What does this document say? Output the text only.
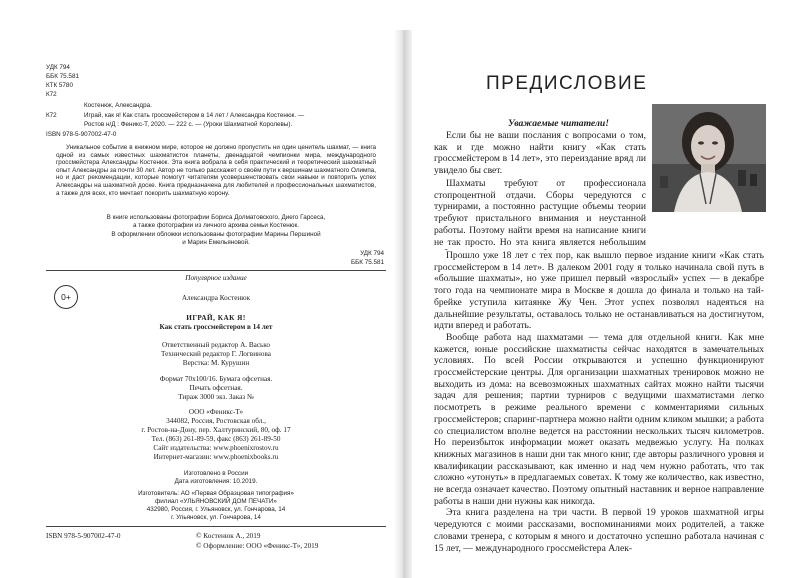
УДК 794
ББК 75.581
КТК 5780
К72
Костенюк, Александра.
К72	Играй, как я! Как стать гроссмейстером в 14 лет / Александра Костенюк. —
Ростов н/Д : Феникс-Т, 2020. — 222 с. — (Уроки Шахматной Королевы).
ISBN 978-5-907002-47-0
Уникальное событие в книжном мире, которое не должно пропустить ни один ценитель шахмат, — книга одной из самых известных шахматисток планеты, двенадцатой чемпионки мира, международного гроссмейстера Александры Костенюк. Эта книга вобрала в себя практический и теоретический шахматный опыт Александры за почти 30 лет. Автор не только расскажет о своём пути к вершинам шахматного Олимпа, но и даст рекомендации, которые помогут читателям усовершенствовать свои навыки и повторить успех Александры на шахматной доске. Книга предназначена для любителей и профессиональных шахматистов, а также для всех, кто мечтает покорить шахматную корону.
В книге использованы фотографии Бориса Долматовского, Диего Гарсеса,
а также фотографии из личного архива семьи Костенюк.
В оформлении обложки использованы фотографии Марины Першиной
и Марин Емельяновой.
УДК 794
ББК 75.581
Популярное издание
0+	Александра Костенюк
ИГРАЙ, КАК Я!
Как стать гроссмейстером в 14 лет
Ответственный редактор А. Васько
Технический редактор Г. Логвинова
Верстка: М. Курушин
Формат 70x100/16. Бумага офсетная.
Печать офсетная.
Тираж 3000 экз. Заказ №
ООО «Феникс-Т»
344082, Россия, Ростовская обл.,
г. Ростов-на-Дону, пер. Халтуринский, 80, оф. 17
Тел. (863) 261-89-59, факс (863) 261-89-50
Сайт издательства: www.phoenixrostov.ru
Интернет-магазин: www.phoenixbooks.ru
Изготовлено в России
Дата изготовления: 10.2019.
Изготовитель: АО «Первая Образцовая типография»
филиал «УЛЬЯНОВСКИЙ ДОМ ПЕЧАТИ»
432980, Россия, г. Ульяновск, ул. Гончарова, 14
г. Ульяновск, ул. Гончарова, 14
ISBN 978-5-907002-47-0	© Костенюк А., 2019
© Оформление: ООО «Феникс-Т», 2019
ПРЕДИСЛОВИЕ
Уважаемые читатели!

Если бы не ваши послания с вопросами о том, как и где можно найти книгу «Как стать гроссмейстером в 14 лет», это переиздание вряд ли увидело бы свет.

Шахматы требуют от профессионала стопроцентной отдачи. Сборы чередуются с турнирами, а постоянно растущие объемы теории требуют пристального внимания и неустанной работы. Поэтому найти время на написание книги не так просто. Но эта книга является небольшим

Прошло уже 18 лет с тех пор, как вышло первое издание книги «Как стать гроссмейстером в 14 лет». В далеком 2001 году я только начинала свой путь в «большие шахматы», но уже пришел первый «взрослый» успех — в декабре того года на чемпионате мира в Москве я дошла до финала и только на тай-брейке уступила китаянке Жу Чен. Этот успех позволял надеяться на дальнейшие результаты, оставалось только не останавливаться на достигнутом, идти вперед и работать.

Вообще работа над шахматами — тема для отдельной книги. Как мне кажется, юные российские шахматисты сейчас находятся в замечательных условиях. По всей России открываются и успешно функционируют гроссмейстерские центры. Для организации шахматных тренировок можно не выходить из дома: на всевозможных шахматных сайтах можно найти тысячи задач для решения; партии турниров с ведущими шахматистами легко посмотреть в режиме реального времени с комментариями сильных гроссмейстеров; спаринг-партнера можно найти одним кликом мышки; а работа со специалистом вполне ведется на расстоянии нескольких тысяч километров. Но переизбыток информации может оказать медвежью услугу. На полках книжных магазинов в наши дни так много книг, где авторы различного уровня и квалификации рассказывают, как именно и над чем нужно работать, что так сложно «утонуть» в предлагаемых советах. К тому же количество, как известно, не всегда означает качество. Поэтому опытный наставник и верное направление работы в наши дни нужны как никогда.

Эта книга разделена на три части. В первой 19 уроков шахматной игры чередуются с моими рассказами, воспоминаниями моих родителей, а также словами тренера, с которым я много и достаточно успешно работала начиная с 15 лет, — международного гроссмейстера Алек-
